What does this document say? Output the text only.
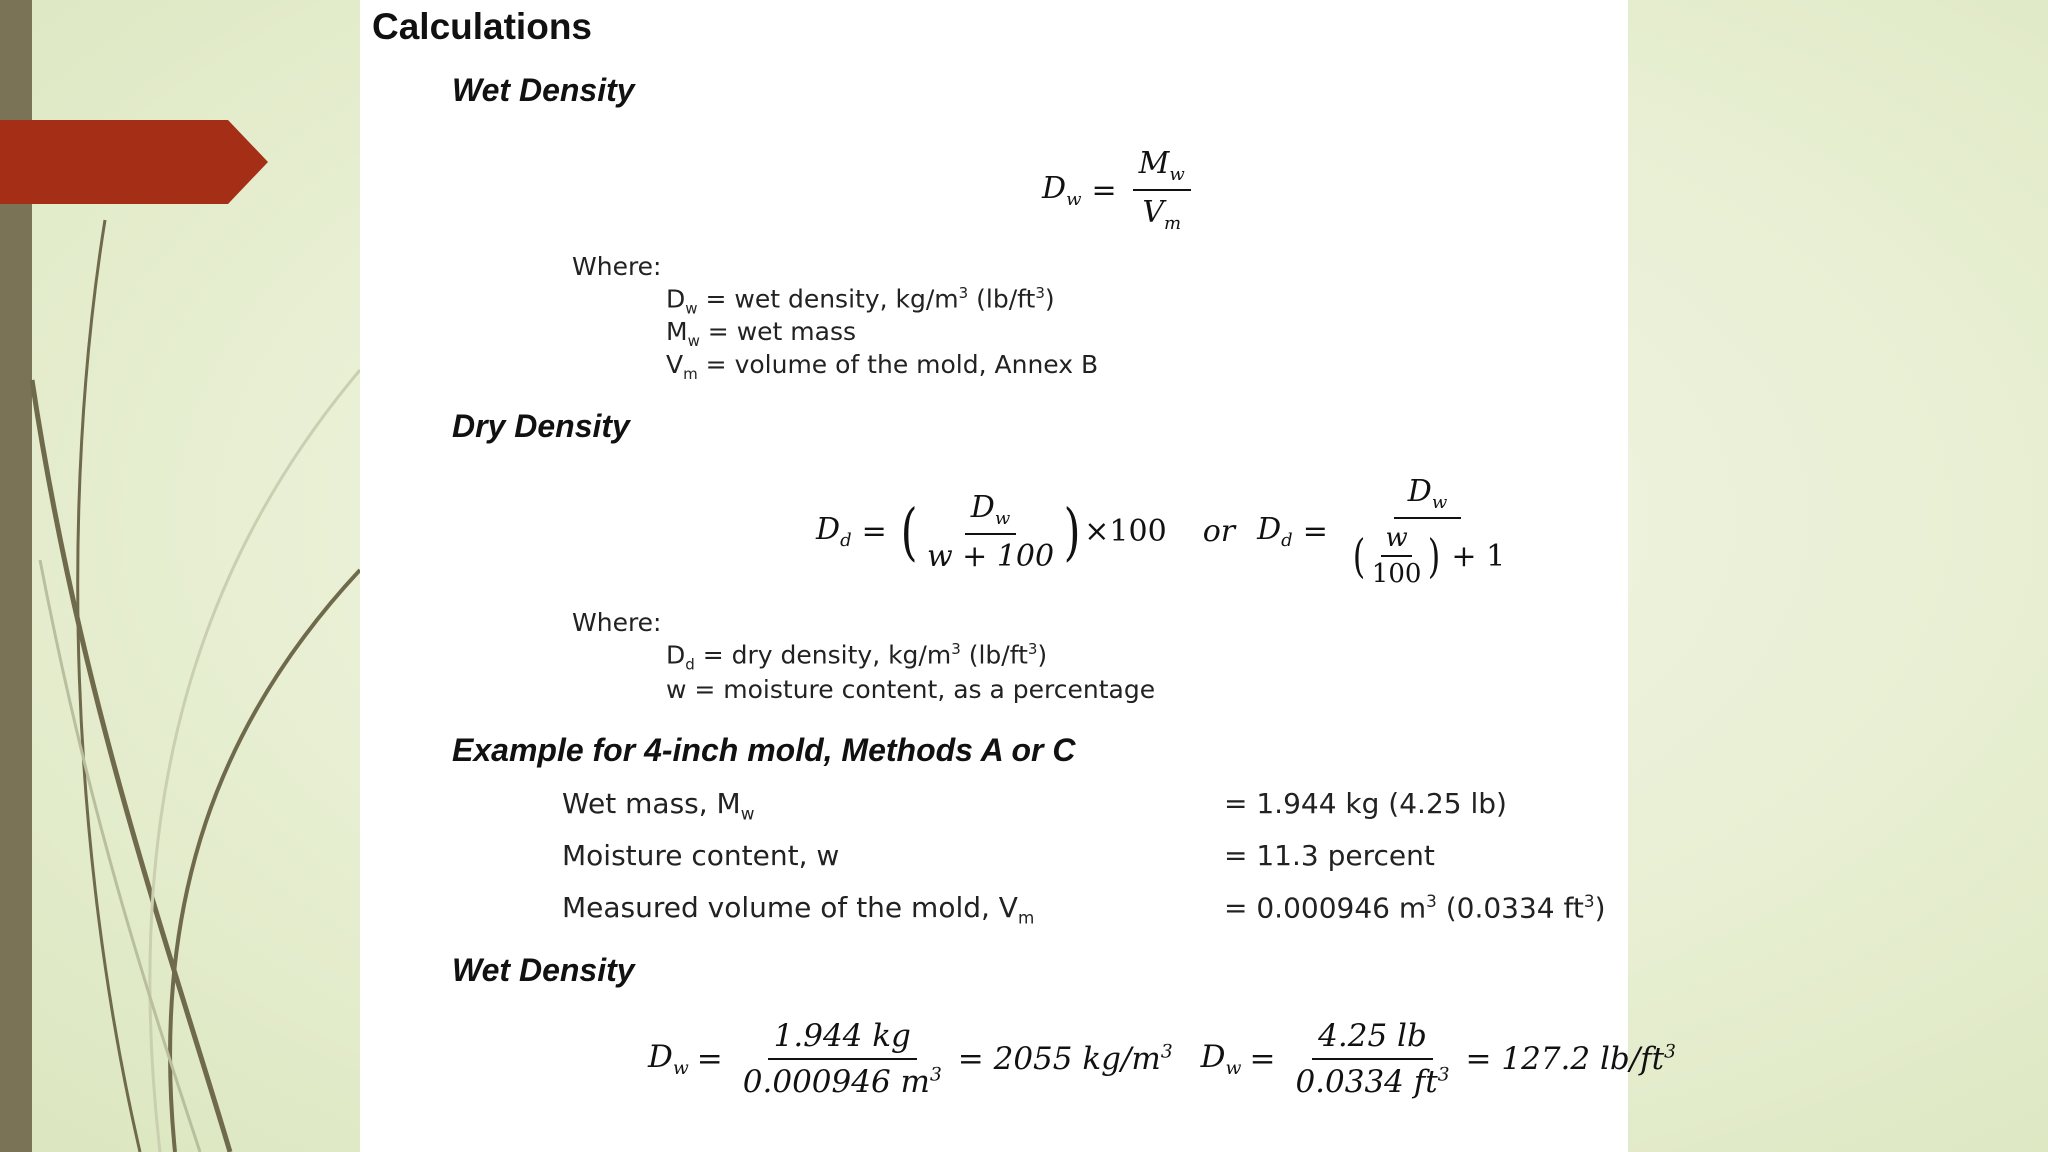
Calculations
Wet Density
$D_w = \frac{M_w}{V_m}$
Where:
$D_w$ = wet density, $kg/m^3$ $(lb/ft^3)$
$M_w$ = wet mass
$V_m$ = volume of the mold, Annex B
Dry Density
$D_d$ = ( $\frac{D_w}{w + 100}$ ) ×100 or $D_d$ =
$D_w$
( $\frac{w}{100}$ ) + 1
Where:
$D_d$ = dry density, $kg/m^3$ $(lb/ft^3)$
w = moisture content, as a percentage
Example for 4-inch mold, Methods A or C
Wet mass, $M_w$	= 1.944 kg (4.25 lb)
Moisture content, w	= 11.3 percent
Measured volume of the mold, $V_m$	= 0.000946 $m^3$ (0.0334 $ft^3$)
Wet Density
$D_w = \frac{1.944 kg}{0.000946 m^3} = 2055$ $kg/m^3$ $D_w = \frac{4.25 lb}{0.0334 ft^3} = 127.2$ $lb/ft^3$
